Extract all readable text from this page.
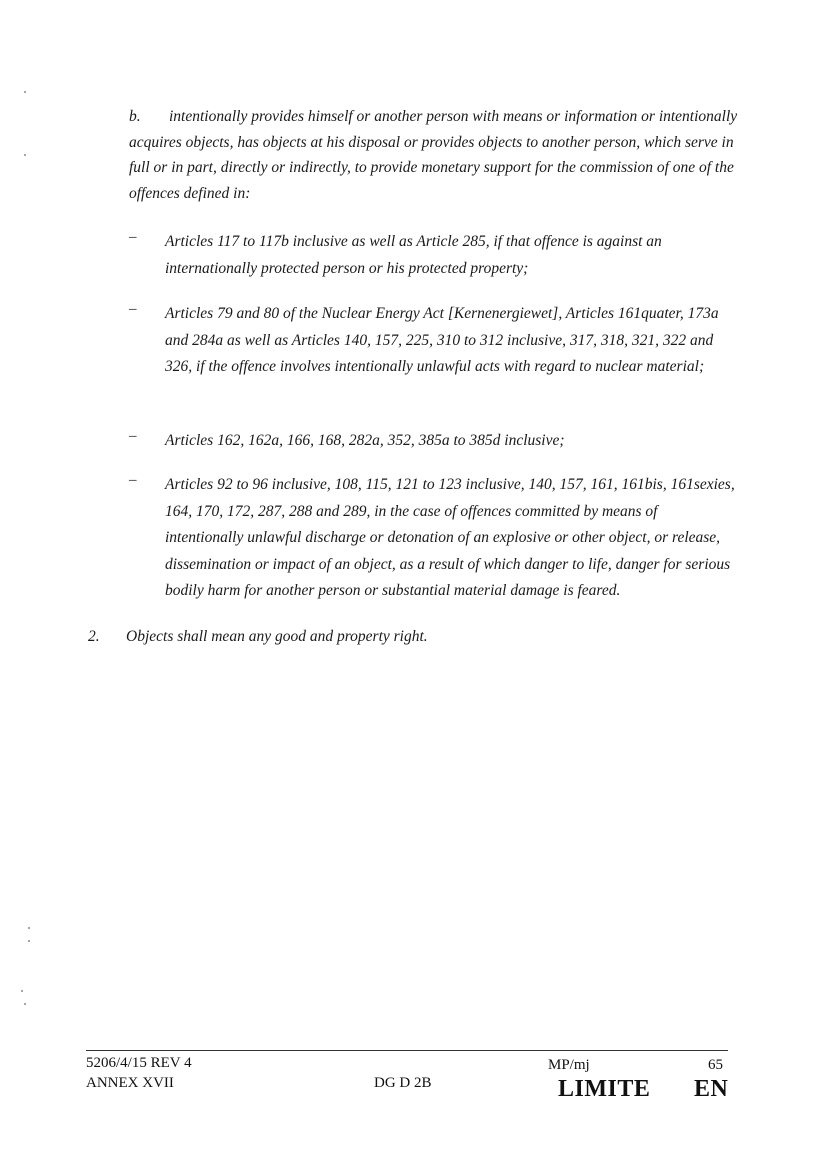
b. intentionally provides himself or another person with means or information or intentionally acquires objects, has objects at his disposal or provides objects to another person, which serve in full or in part, directly or indirectly, to provide monetary support for the commission of one of the offences defined in:
– Articles 117 to 117b inclusive as well as Article 285, if that offence is against an internationally protected person or his protected property;
– Articles 79 and 80 of the Nuclear Energy Act [Kernenergiewet], Articles 161quater, 173a and 284a as well as Articles 140, 157, 225, 310 to 312 inclusive, 317, 318, 321, 322 and 326, if the offence involves intentionally unlawful acts with regard to nuclear material;
– Articles 162, 162a, 166, 168, 282a, 352, 385a to 385d inclusive;
– Articles 92 to 96 inclusive, 108, 115, 121 to 123 inclusive, 140, 157, 161, 161bis, 161sexies, 164, 170, 172, 287, 288 and 289, in the case of offences committed by means of intentionally unlawful discharge or detonation of an explosive or other object, or release, dissemination or impact of an object, as a result of which danger to life, danger for serious bodily harm for another person or substantial material damage is feared.
2. Objects shall mean any good and property right.
5206/4/15 REV 4
ANNEX XVII	DG D 2B
MP/mj	65
LIMITE EN
